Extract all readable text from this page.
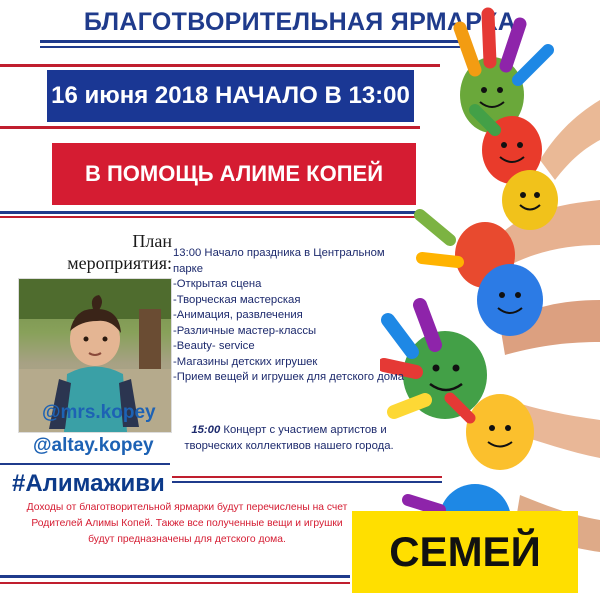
БЛАГОТВОРИТЕЛЬНАЯ ЯРМАРКА
16 июня 2018 НАЧАЛО В 13:00
В ПОМОЩЬ АЛИМЕ КОПЕЙ
План
мероприятия:
@mrs.kopey
@altay.kopey
#Алимаживи
13:00 Начало праздника в Центральном парке
-Открытая сцена
-Творческая мастерская
-Анимация, развлечения
-Различные мастер-классы
-Beauty- service
-Магазины детских игрушек
-Прием вещей и игрушек для детского дома
15:00 Концерт с участием артистов и творческих коллективов нашего города.
Доходы от благотворительной ярмарки будут перечислены на счет Родителей Алимы Копей. Также все полученные вещи и игрушки будут предназначены для детского дома.	СЕМЕЙ
